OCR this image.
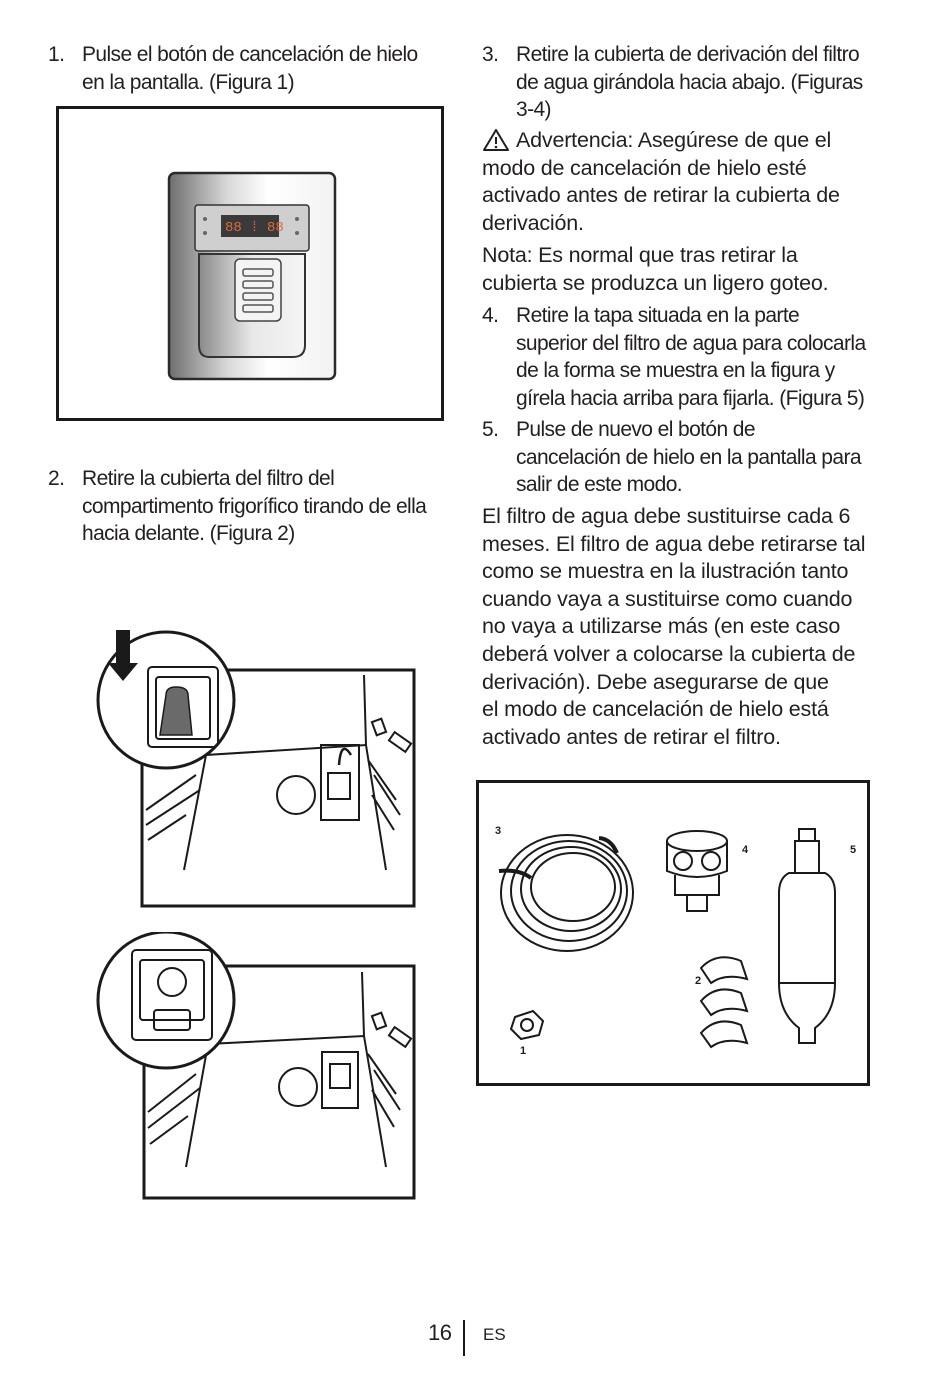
1. Pulse el botón de cancelación de hielo
en la pantalla. (Figura 1)
88 ⁞ 88
2. Retire la cubierta del filtro del
compartimento frigorífico tirando de ella
hacia delante. (Figura 2)
3. Retire la cubierta de derivación del filtro
de agua girándola hacia abajo. (Figuras
3-4)
Advertencia: Asegúrese de que el
modo de cancelación de hielo esté
activado antes de retirar la cubierta de
derivación.
Nota: Es normal que tras retirar la
cubierta se produzca un ligero goteo.
4. Retire la tapa situada en la parte
superior del filtro de agua para colocarla
de la forma se muestra en la figura y
gírela hacia arriba para fijarla. (Figura 5)
5. Pulse de nuevo el botón de
cancelación de hielo en la pantalla para
salir de este modo.
El filtro de agua debe sustituirse cada 6
meses. El filtro de agua debe retirarse tal
como se muestra en la ilustración tanto
cuando vaya a sustituirse como cuando
no vaya a utilizarse más (en este caso
deberá volver a colocarse la cubierta de
derivación). Debe asegurarse de que
el modo de cancelación de hielo está
activado antes de retirar el filtro.
3
4	5
2
1
16 ES
